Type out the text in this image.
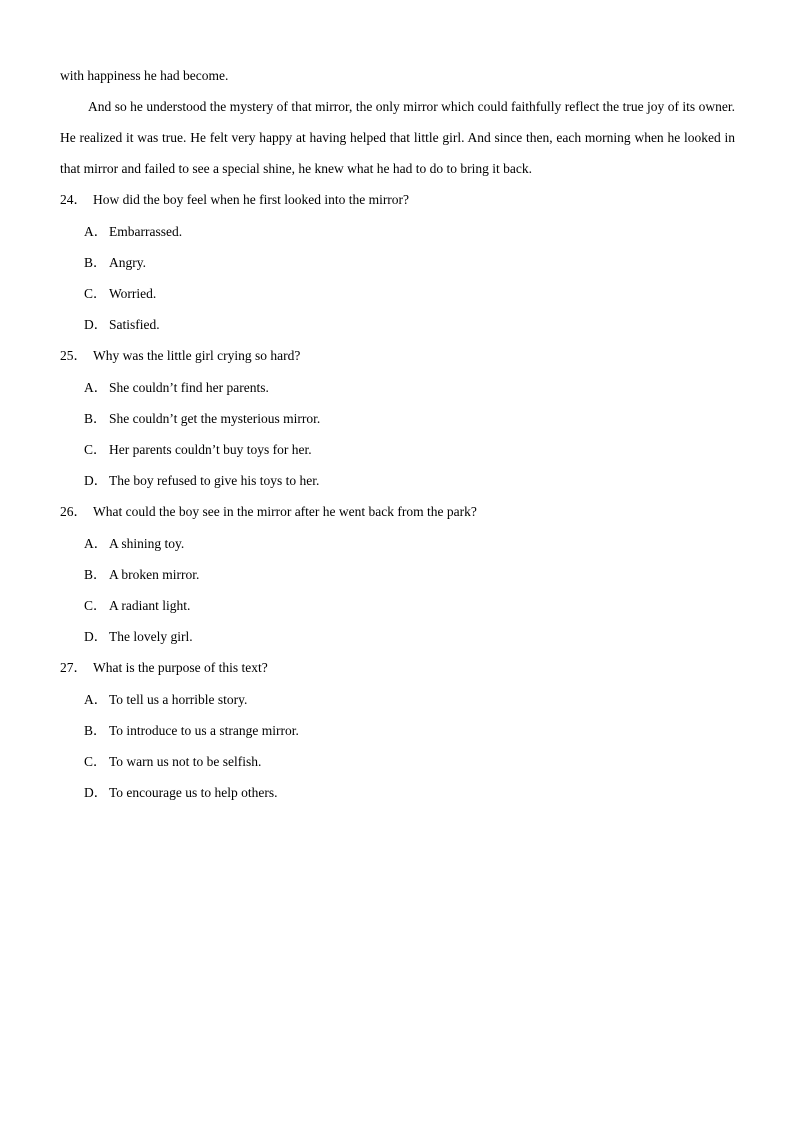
with happiness he had become.

And so he understood the mystery of that mirror, the only mirror which could faithfully reflect the true joy of its owner. He realized it was true. He felt very happy at having helped that little girl. And since then, each morning when he looked in that mirror and failed to see a special shine, he knew what he had to do to bring it back.

24． How did the boy feel when he first looked into the mirror?
A． Embarrassed.
B． Angry.
C． Worried.
D． Satisfied.
25． Why was the little girl crying so hard?
A． She couldn’t find her parents.
B． She couldn’t get the mysterious mirror.
C． Her parents couldn’t buy toys for her.
D． The boy refused to give his toys to her.
26． What could the boy see in the mirror after he went back from the park?
A． A shining toy.
B． A broken mirror.
C． A radiant light.
D． The lovely girl.
27． What is the purpose of this text?
A． To tell us a horrible story.
B． To introduce to us a strange mirror.
C． To warn us not to be selfish.
D． To encourage us to help others.
